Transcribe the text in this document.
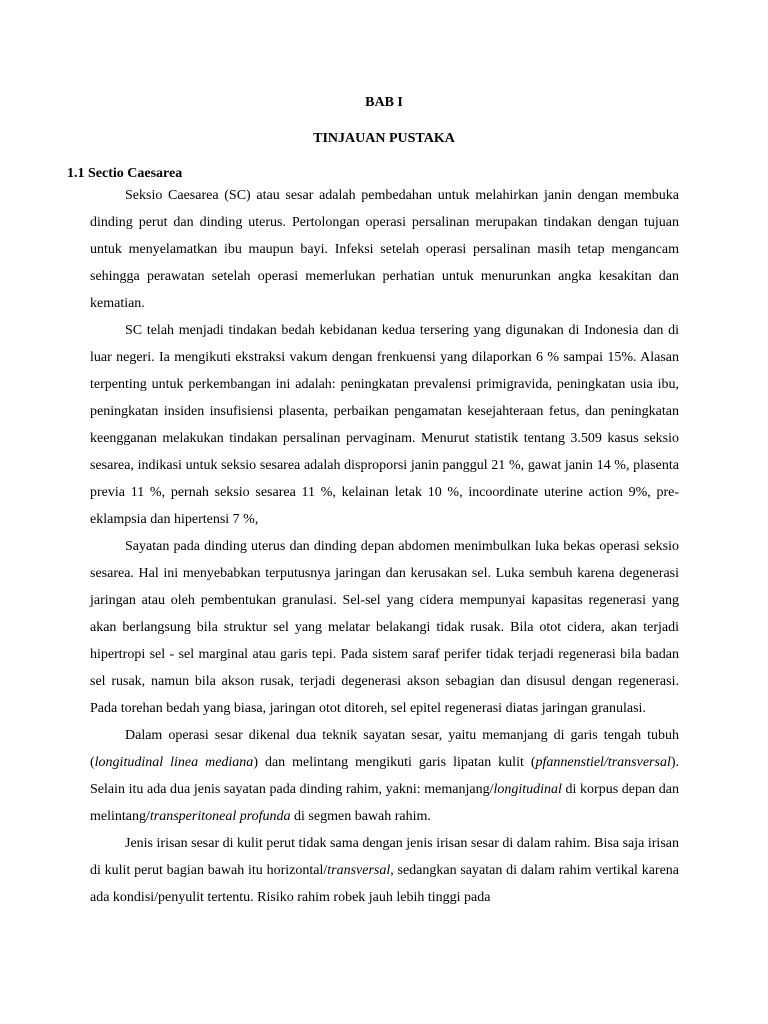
BAB I
TINJAUAN PUSTAKA
1.1 Sectio Caesarea

Seksio Caesarea (SC) atau sesar adalah pembedahan untuk melahirkan janin dengan membuka dinding perut dan dinding uterus. Pertolongan operasi persalinan merupakan tindakan dengan tujuan untuk menyelamatkan ibu maupun bayi. Infeksi setelah operasi persalinan masih tetap mengancam sehingga perawatan setelah operasi memerlukan perhatian untuk menurunkan angka kesakitan dan kematian.

SC telah menjadi tindakan bedah kebidanan kedua tersering yang digunakan di Indonesia dan di luar negeri. Ia mengikuti ekstraksi vakum dengan frenkuensi yang dilaporkan 6 % sampai 15%. Alasan terpenting untuk perkembangan ini adalah: peningkatan prevalensi primigravida, peningkatan usia ibu, peningkatan insiden insufisiensi plasenta, perbaikan pengamatan kesejahteraan fetus, dan peningkatan keengganan melakukan tindakan persalinan pervaginam. Menurut statistik tentang 3.509 kasus seksio sesarea, indikasi untuk seksio sesarea adalah disproporsi janin panggul 21 %, gawat janin 14 %, plasenta previa 11 %, pernah seksio sesarea 11 %, kelainan letak 10 %, incoordinate uterine action 9%, pre-eklampsia dan hipertensi 7 %,

Sayatan pada dinding uterus dan dinding depan abdomen menimbulkan luka bekas operasi seksio sesarea. Hal ini menyebabkan terputusnya jaringan dan kerusakan sel. Luka sembuh karena degenerasi jaringan atau oleh pembentukan granulasi. Sel-sel yang cidera mempunyai kapasitas regenerasi yang akan berlangsung bila struktur sel yang melatar belakangi tidak rusak. Bila otot cidera, akan terjadi hipertropi sel - sel marginal atau garis tepi. Pada sistem saraf perifer tidak terjadi regenerasi bila badan sel rusak, namun bila akson rusak, terjadi degenerasi akson sebagian dan disusul dengan regenerasi. Pada torehan bedah yang biasa, jaringan otot ditoreh, sel epitel regenerasi diatas jaringan granulasi.

Dalam operasi sesar dikenal dua teknik sayatan sesar, yaitu memanjang di garis tengah tubuh (longitudinal linea mediana) dan melintang mengikuti garis lipatan kulit (pfannenstiel/transversal). Selain itu ada dua jenis sayatan pada dinding rahim, yakni: memanjang/longitudinal di korpus depan dan melintang/transperitoneal profunda di segmen bawah rahim.

Jenis irisan sesar di kulit perut tidak sama dengan jenis irisan sesar di dalam rahim. Bisa saja irisan di kulit perut bagian bawah itu horizontal/transversal, sedangkan sayatan di dalam rahim vertikal karena ada kondisi/penyulit tertentu. Risiko rahim robek jauh lebih tinggi pada
